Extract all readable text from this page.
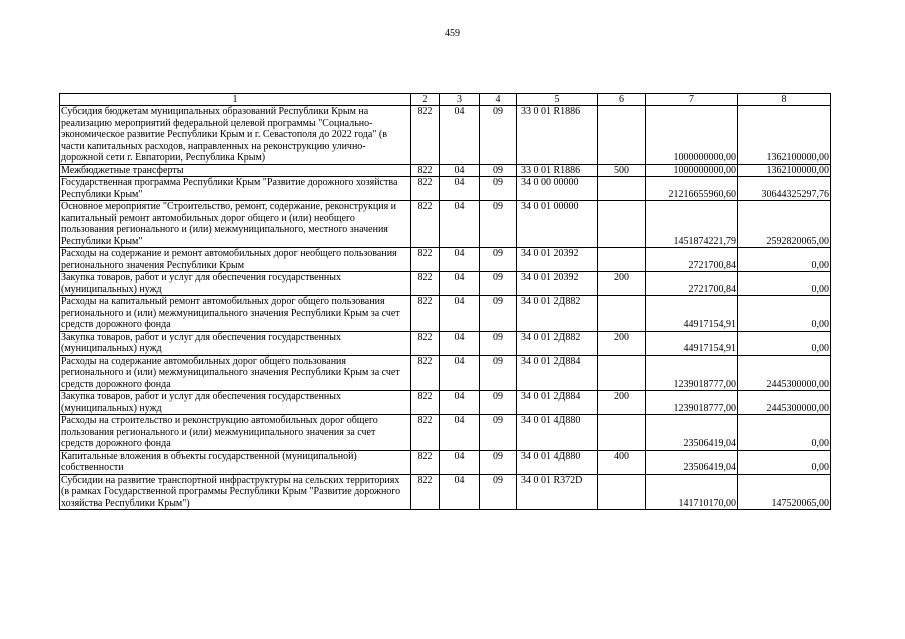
459
1	2	3	4	5	6	7	8
Субсидия бюджетам муниципальных образований Республики Крым на реализацию мероприятий федеральной целевой программы "Социально-экономическое развитие Республики Крым и г. Севастополя до 2022 года" (в части капитальных расходов, направленных на реконструкцию улично-дорожной сети г. Евпатории, Республика Крым)	822	04	09	33 0 01 R1886		1000000000,00	1362100000,00
Межбюджетные трансферты	822	04	09	33 0 01 R1886	500	1000000000,00	1362100000,00
Государственная программа Республики Крым "Развитие дорожного хозяйства Республики Крым"	822	04	09	34 0 00 00000		21216655960,60	30644325297,76
Основное мероприятие "Строительство, ремонт, содержание, реконструкция и капитальный ремонт автомобильных дорог общего и (или) необщего пользования регионального и (или) межмуниципального, местного значения Республики Крым"	822	04	09	34 0 01 00000		1451874221,79	2592820065,00
Расходы на содержание и ремонт автомобильных дорог необщего пользования регионального значения Республики Крым	822	04	09	34 0 01 20392		2721700,84	0,00
Закупка товаров, работ и услуг для обеспечения государственных (муниципальных) нужд	822	04	09	34 0 01 20392	200	2721700,84	0,00
Расходы на капитальный ремонт автомобильных дорог общего пользования регионального и (или) межмуниципального значения Республики Крым за счет средств дорожного фонда	822	04	09	34 0 01 2Д882		44917154,91	0,00
Закупка товаров, работ и услуг для обеспечения государственных (муниципальных) нужд	822	04	09	34 0 01 2Д882	200	44917154,91	0,00
Расходы на содержание автомобильных дорог общего пользования регионального и (или) межмуниципального значения Республики Крым за счет средств дорожного фонда	822	04	09	34 0 01 2Д884		1239018777,00	2445300000,00
Закупка товаров, работ и услуг для обеспечения государственных (муниципальных) нужд	822	04	09	34 0 01 2Д884	200	1239018777,00	2445300000,00
Расходы на строительство и реконструкцию автомобильных дорог общего пользования регионального и (или) межмуниципального значения за счет средств дорожного фонда	822	04	09	34 0 01 4Д880		23506419,04	0,00
Капитальные вложения в объекты государственной (муниципальной) собственности	822	04	09	34 0 01 4Д880	400	23506419,04	0,00
Субсидии на развитие транспортной инфраструктуры на сельских территориях (в рамках Государственной программы Республики Крым "Развитие дорожного хозяйства Республики Крым")	822	04	09	34 0 01 R372D		141710170,00	147520065,00
